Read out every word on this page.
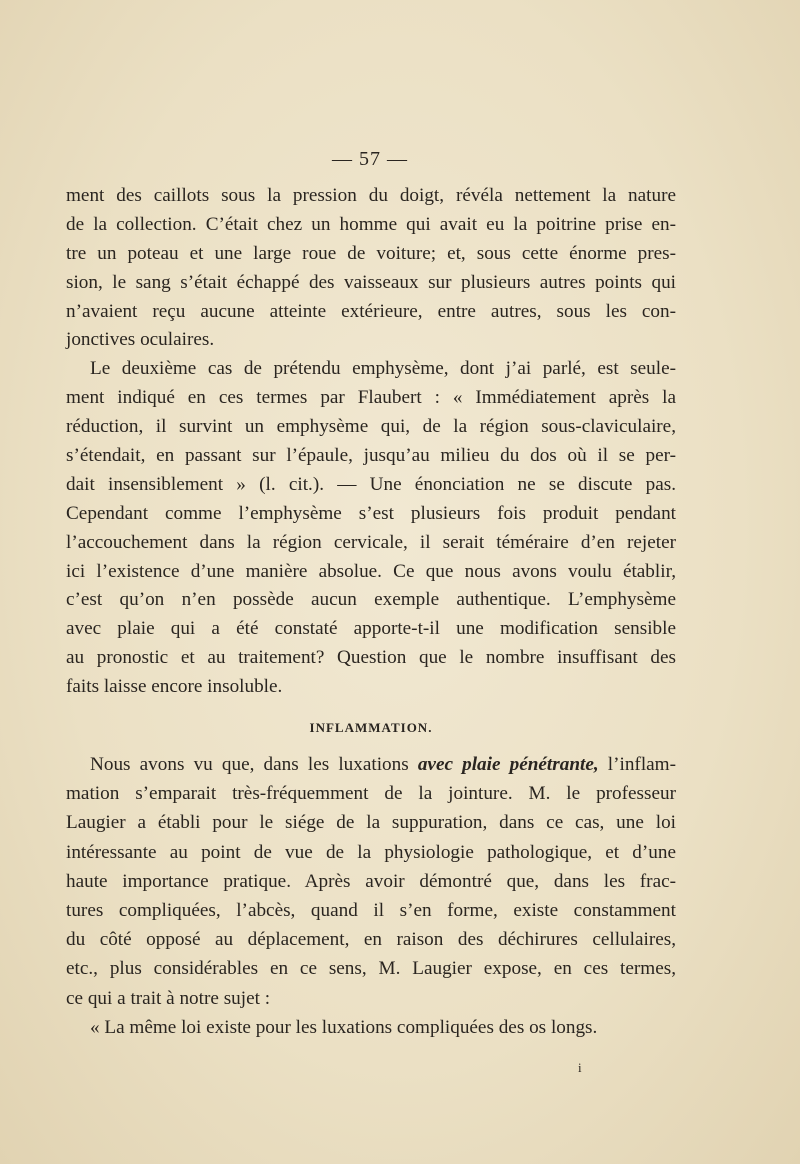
— 57 —
ment des caillots sous la pression du doigt, révéla nettement la nature
de la collection. C’était chez un homme qui avait eu la poitrine prise en-
tre un poteau et une large roue de voiture; et, sous cette énorme pres-
sion, le sang s’était échappé des vaisseaux sur plusieurs autres points qui
n’avaient reçu aucune atteinte extérieure, entre autres, sous les con-
jonctives oculaires.
Le deuxième cas de prétendu emphysème, dont j’ai parlé, est seule-
ment indiqué en ces termes par Flaubert : « Immédiatement après la
réduction, il survint un emphysème qui, de la région sous-claviculaire,
s’étendait, en passant sur l’épaule, jusqu’au milieu du dos où il se per-
dait insensiblement » (l. cit.). — Une énonciation ne se discute pas.
Cependant comme l’emphysème s’est plusieurs fois produit pendant
l’accouchement dans la région cervicale, il serait téméraire d’en rejeter
ici l’existence d’une manière absolue. Ce que nous avons voulu établir,
c’est qu’on n’en possède aucun exemple authentique. L’emphysème
avec plaie qui a été constaté apporte-t-il une modification sensible
au pronostic et au traitement? Question que le nombre insuffisant des
faits laisse encore insoluble.
INFLAMMATION.
Nous avons vu que, dans les luxations avec plaie pénétrante, l’inflam-
mation s’emparait très-fréquemment de la jointure. M. le professeur
Laugier a établi pour le siége de la suppuration, dans ce cas, une loi
intéressante au point de vue de la physiologie pathologique, et d’une
haute importance pratique. Après avoir démontré que, dans les frac-
tures compliquées, l’abcès, quand il s’en forme, existe constamment
du côté opposé au déplacement, en raison des déchirures cellulaires,
etc., plus considérables en ce sens, M. Laugier expose, en ces termes,
ce qui a trait à notre sujet :
« La même loi existe pour les luxations compliquées des os longs.
i
